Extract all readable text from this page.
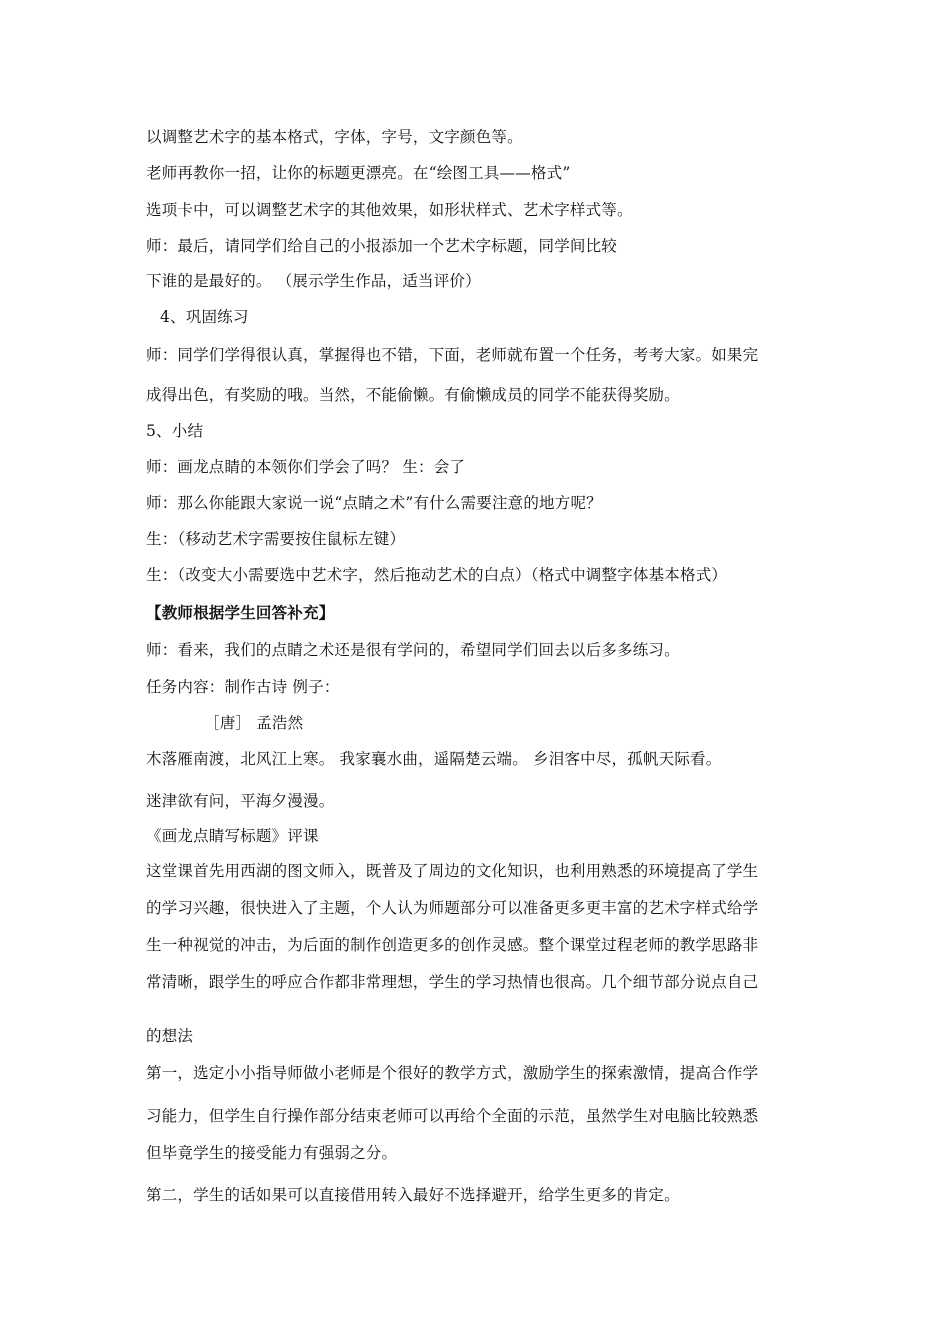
以调整艺术字的基本格式，字体，字号，文字颜色等。
老师再教你一招，让你的标题更漂亮。在“绘图工具——格式”
选项卡中，可以调整艺术字的其他效果，如形状样式、艺术字样式等。
师：最后，请同学们给自己的小报添加一个艺术字标题，同学间比较
下谁的是最好的。 （展示学生作品，适当评价）
4、巩固练习
师：同学们学得很认真，掌握得也不错，下面，老师就布置一个任务，考考大家。如果完
成得出色，有奖励的哦。当然，不能偷懒。有偷懒成员的同学不能获得奖励。
5、小结
师：画龙点睛的本领你们学会了吗？ 生：会了
师：那么你能跟大家说一说“点睛之术”有什么需要注意的地方呢？
生：（移动艺术字需要按住鼠标左键）
生：（改变大小需要选中艺术字，然后拖动艺术的白点）（格式中调整字体基本格式）
【教师根据学生回答补充】
师：看来，我们的点睛之术还是很有学问的，希望同学们回去以后多多练习。
任务内容：制作古诗 例子：
［唐］ 孟浩然
木落雁南渡，北风江上寒。 我家襄水曲，遥隔楚云端。 乡泪客中尽，孤帆天际看。
迷津欲有问，平海夕漫漫。
《画龙点睛写标题》评课
这堂课首先用西湖的图文师入，既普及了周边的文化知识，也利用熟悉的环境提高了学生
的学习兴趣，很快进入了主题，个人认为师题部分可以准备更多更丰富的艺术字样式给学
生一种视觉的冲击，为后面的制作创造更多的创作灵感。整个课堂过程老师的教学思路非
常清晰，跟学生的呼应合作都非常理想，学生的学习热情也很高。几个细节部分说点自己
的想法
第一，选定小小指导师做小老师是个很好的教学方式，激励学生的探索激情，提高合作学
习能力，但学生自行操作部分结束老师可以再给个全面的示范，虽然学生对电脑比较熟悉
但毕竟学生的接受能力有强弱之分。
第二，学生的话如果可以直接借用转入最好不选择避开，给学生更多的肯定。
